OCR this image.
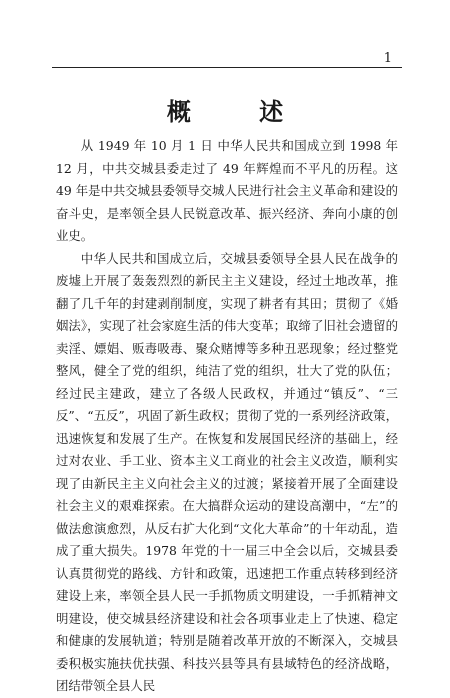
1
概 述

从 1949 年 10 月 1 日 中华人民共和国成立到 1998 年 12 月，中共交城县委走过了 49 年辉煌而不平凡的历程。这 49 年是中共交城县委领导交城人民进行社会主义革命和建设的奋斗史，是率领全县人民锐意改革、振兴经济、奔向小康的创业史。

中华人民共和国成立后，交城县委领导全县人民在战争的废墟上开展了轰轰烈烈的新民主主义建设，经过土地改革，推翻了几千年的封建剥削制度，实现了耕者有其田；贯彻了《婚姻法》，实现了社会家庭生活的伟大变革；取缔了旧社会遗留的卖淫、嫖娼、贩毒吸毒、聚众赌博等多种丑恶现象；经过整党整风，健全了党的组织，纯洁了党的组织，壮大了党的队伍；经过民主建政，建立了各级人民政权，并通过“镇反”、“三反”、“五反”，巩固了新生政权；贯彻了党的一系列经济政策，迅速恢复和发展了生产。在恢复和发展国民经济的基础上，经过对农业、手工业、资本主义工商业的社会主义改造，顺利实现了由新民主主义向社会主义的过渡；紧接着开展了全面建设社会主义的艰难探索。在大搞群众运动的建设高潮中，“左”的做法愈演愈烈，从反右扩大化到“文化大革命”的十年动乱，造成了重大损失。1978 年党的十一届三中全会以后，交城县委认真贯彻党的路线、方针和政策，迅速把工作重点转移到经济建设上来，率领全县人民一手抓物质文明建设，一手抓精神文明建设，使交城县经济建设和社会各项事业走上了快速、稳定和健康的发展轨道；特别是随着改革开放的不断深入，交城县委积极实施扶优扶强、科技兴县等具有县域特色的经济战略，团结带领全县人民
